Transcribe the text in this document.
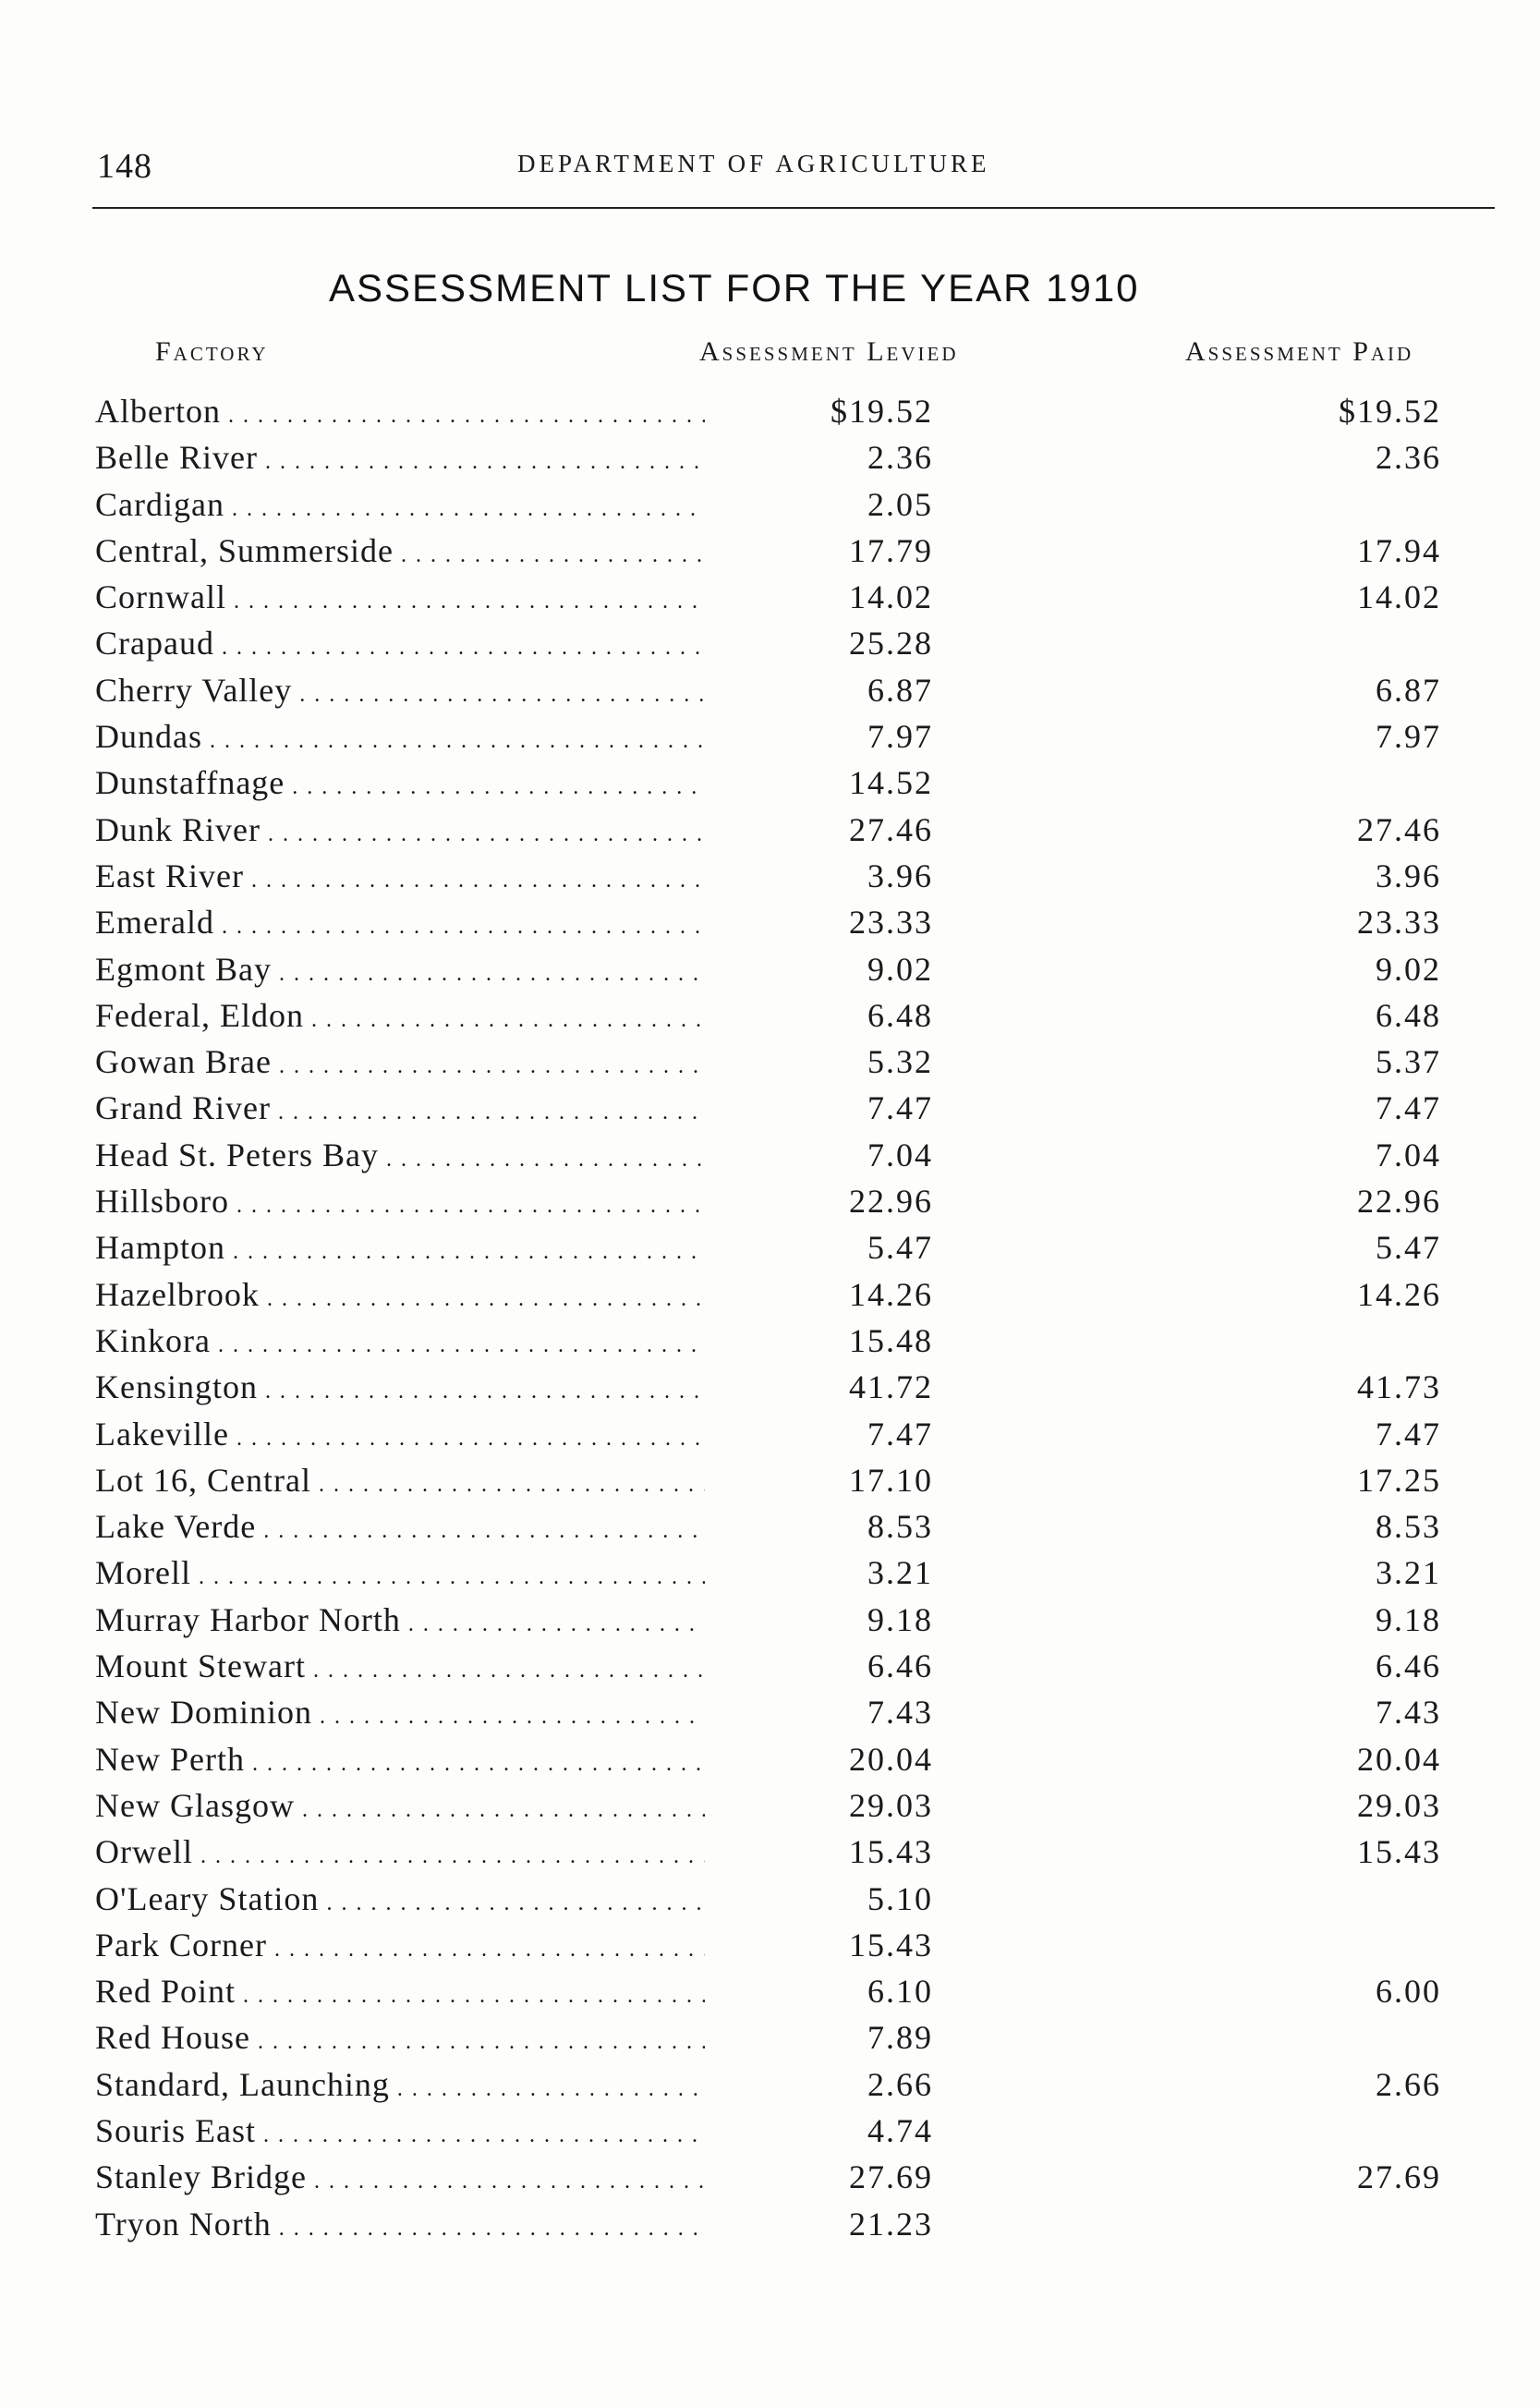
148	DEPARTMENT OF AGRICULTURE
ASSESSMENT LIST FOR THE YEAR 1910
Factory	Assessment Levied	Assessment Paid
Alberton . . .	$19.52	$19.52
Belle River . . .	2.36	2.36
Cardigan . . .	2.05
Central, Summerside . . .	17.79	17.94
Cornwall . . .	14.02	14.02
Crapaud . . .	25.28
Cherry Valley . . .	6.87	6.87
Dundas . . .	7.97	7.97
Dunstaffnage . . .	14.52
Dunk River . . .	27.46	27.46
East River . . .	3.96	3.96
Emerald . . .	23.33	23.33
Egmont Bay . . .	9.02	9.02
Federal, Eldon . . .	6.48	6.48
Gowan Brae . . .	5.32	5.37
Grand River . . .	7.47	7.47
Head St. Peters Bay . . .	7.04	7.04
Hillsboro . . .	22.96	22.96
Hampton . . .	5.47	5.47
Hazelbrook . . .	14.26	14.26
Kinkora . . .	15.48
Kensington . . .	41.72	41.73
Lakeville . . .	7.47	7.47
Lot 16, Central . . .	17.10	17.25
Lake Verde . . .	8.53	8.53
Morell . . .	3.21	3.21
Murray Harbor North . . .	9.18	9.18
Mount Stewart . . .	6.46	6.46
New Dominion . . .	7.43	7.43
New Perth . . .	20.04	20.04
New Glasgow . . .	29.03	29.03
Orwell . . .	15.43	15.43
O'Leary Station . . .	5.10
Park Corner . . .	15.43
Red Point . . .	6.10	6.00
Red House . . .	7.89
Standard, Launching . . .	2.66	2.66
Souris East . . .	4.74
Stanley Bridge . . .	27.69	27.69
Tryon North . . .	21.23
